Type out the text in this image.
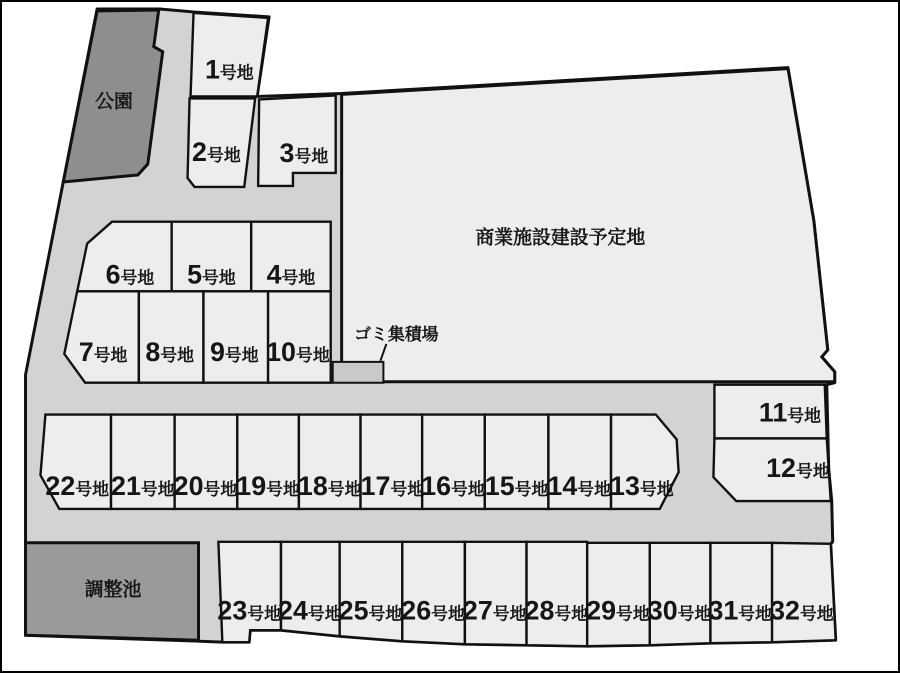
公園
商業施設建設予定地
ゴミ集積場
調整池
1号地
2号地 3号地
4号地
5号地
6号地
7号地 8号地 9号地 10号地
11号地
12号地
13号地
14号地
15号地
16号地
17号地
18号地
19号地
20号地
21号地
22号地
23号地
24号地
25号地 26号地
27号地
28号地
29号地
30号地
31号地
32号地
